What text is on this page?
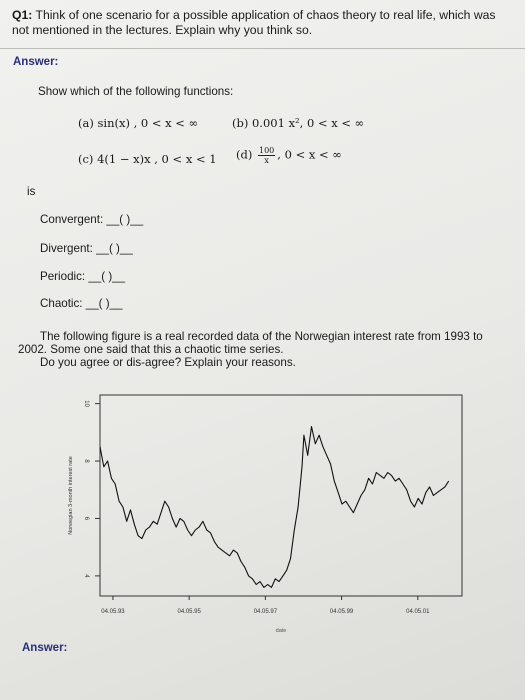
Q1: Think of one scenario for a possible application of chaos theory to real life, which was
not mentioned in the lectures. Explain why you think so.
Answer:
Show which of the following functions:
(a) sin(x) , 0 < x < ∞	(b) 0.001 x², 0 < x < ∞
(c) 4(1 − x)x , 0 < x < 1 $(d) \frac{100}{x}$ , 0 < x < ∞
is
Convergent: __( )__
Divergent: __( )__
Periodic: __( )__
Chaotic: __( )__
The following figure is a real recorded data of the Norwegian interest rate from 1993 to
2002. Some one said that this a chaotic time series.
Do you agree or dis-agree? Explain your reasons.
4
6
8
10
04.05.93	04.05.95	04.05.97	04.05.99	04.05.01
date
Norwegian 3-month interest rate
Answer:
